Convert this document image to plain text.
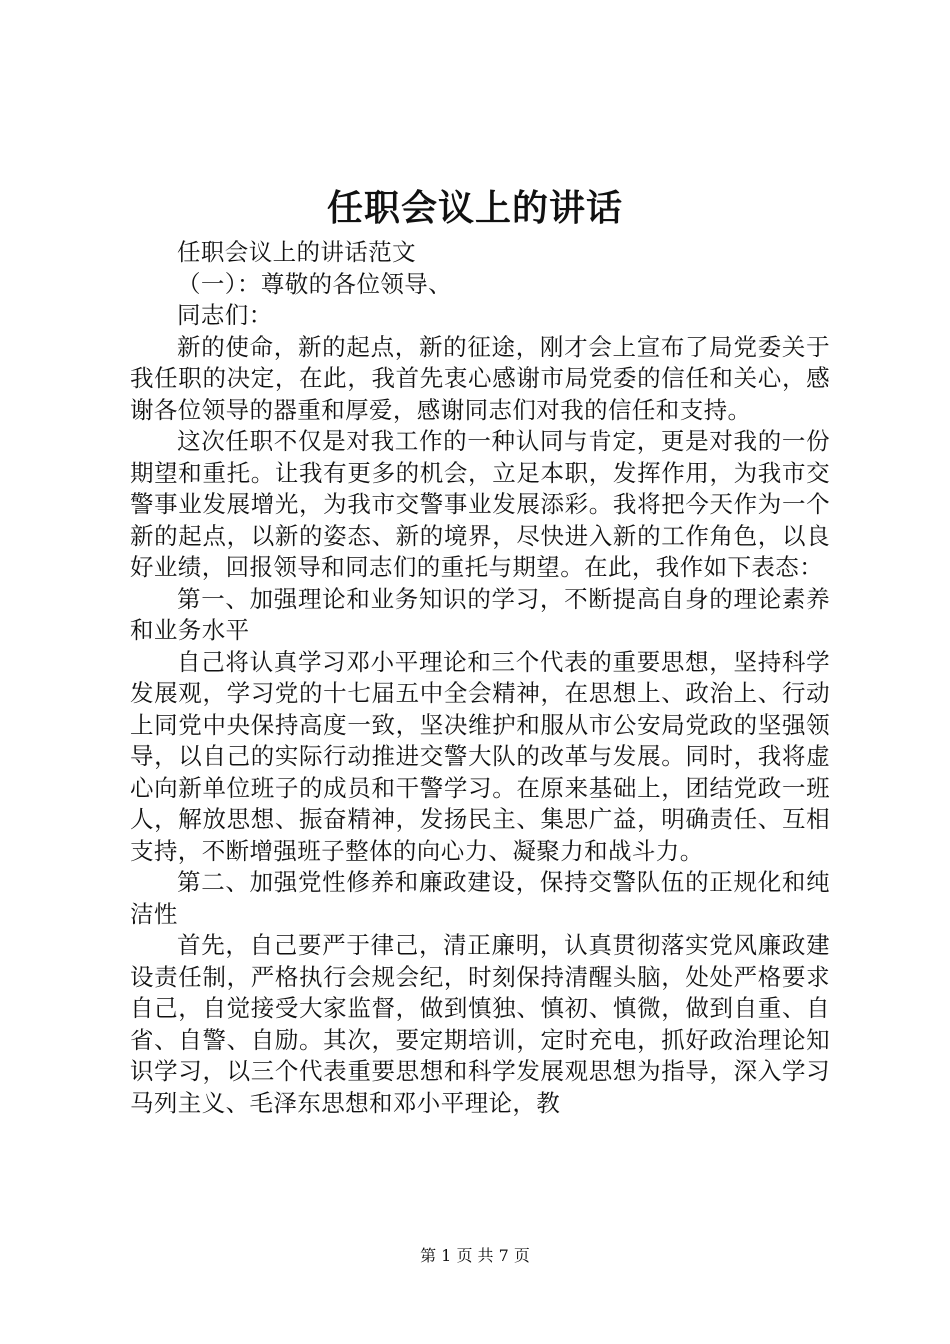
任职会议上的讲话

任职会议上的讲话范文

（一）：尊敬的各位领导、

同志们：

新的使命，新的起点，新的征途，刚才会上宣布了局党委关于我任职的决定，在此，我首先衷心感谢市局党委的信任和关心，感谢各位领导的器重和厚爱，感谢同志们对我的信任和支持。

这次任职不仅是对我工作的一种认同与肯定，更是对我的一份期望和重托。让我有更多的机会，立足本职，发挥作用，为我市交警事业发展增光，为我市交警事业发展添彩。我将把今天作为一个新的起点，以新的姿态、新的境界，尽快进入新的工作角色，以良好业绩，回报领导和同志们的重托与期望。在此，我作如下表态：

第一、加强理论和业务知识的学习，不断提高自身的理论素养和业务水平

自己将认真学习邓小平理论和三个代表的重要思想，坚持科学发展观，学习党的十七届五中全会精神，在思想上、政治上、行动上同党中央保持高度一致，坚决维护和服从市公安局党政的坚强领导，以自己的实际行动推进交警大队的改革与发展。同时，我将虚心向新单位班子的成员和干警学习。在原来基础上，团结党政一班人，解放思想、振奋精神，发扬民主、集思广益，明确责任、互相支持，不断增强班子整体的向心力、凝聚力和战斗力。

第二、加强党性修养和廉政建设，保持交警队伍的正规化和纯洁性

首先，自己要严于律己，清正廉明，认真贯彻落实党风廉政建设责任制，严格执行会规会纪，时刻保持清醒头脑，处处严格要求自己，自觉接受大家监督，做到慎独、慎初、慎微，做到自重、自省、自警、自励。其次，要定期培训，定时充电，抓好政治理论知识学习，以三个代表重要思想和科学发展观思想为指导，深入学习马列主义、毛泽东思想和邓小平理论，教

第 1 页 共 7 页
